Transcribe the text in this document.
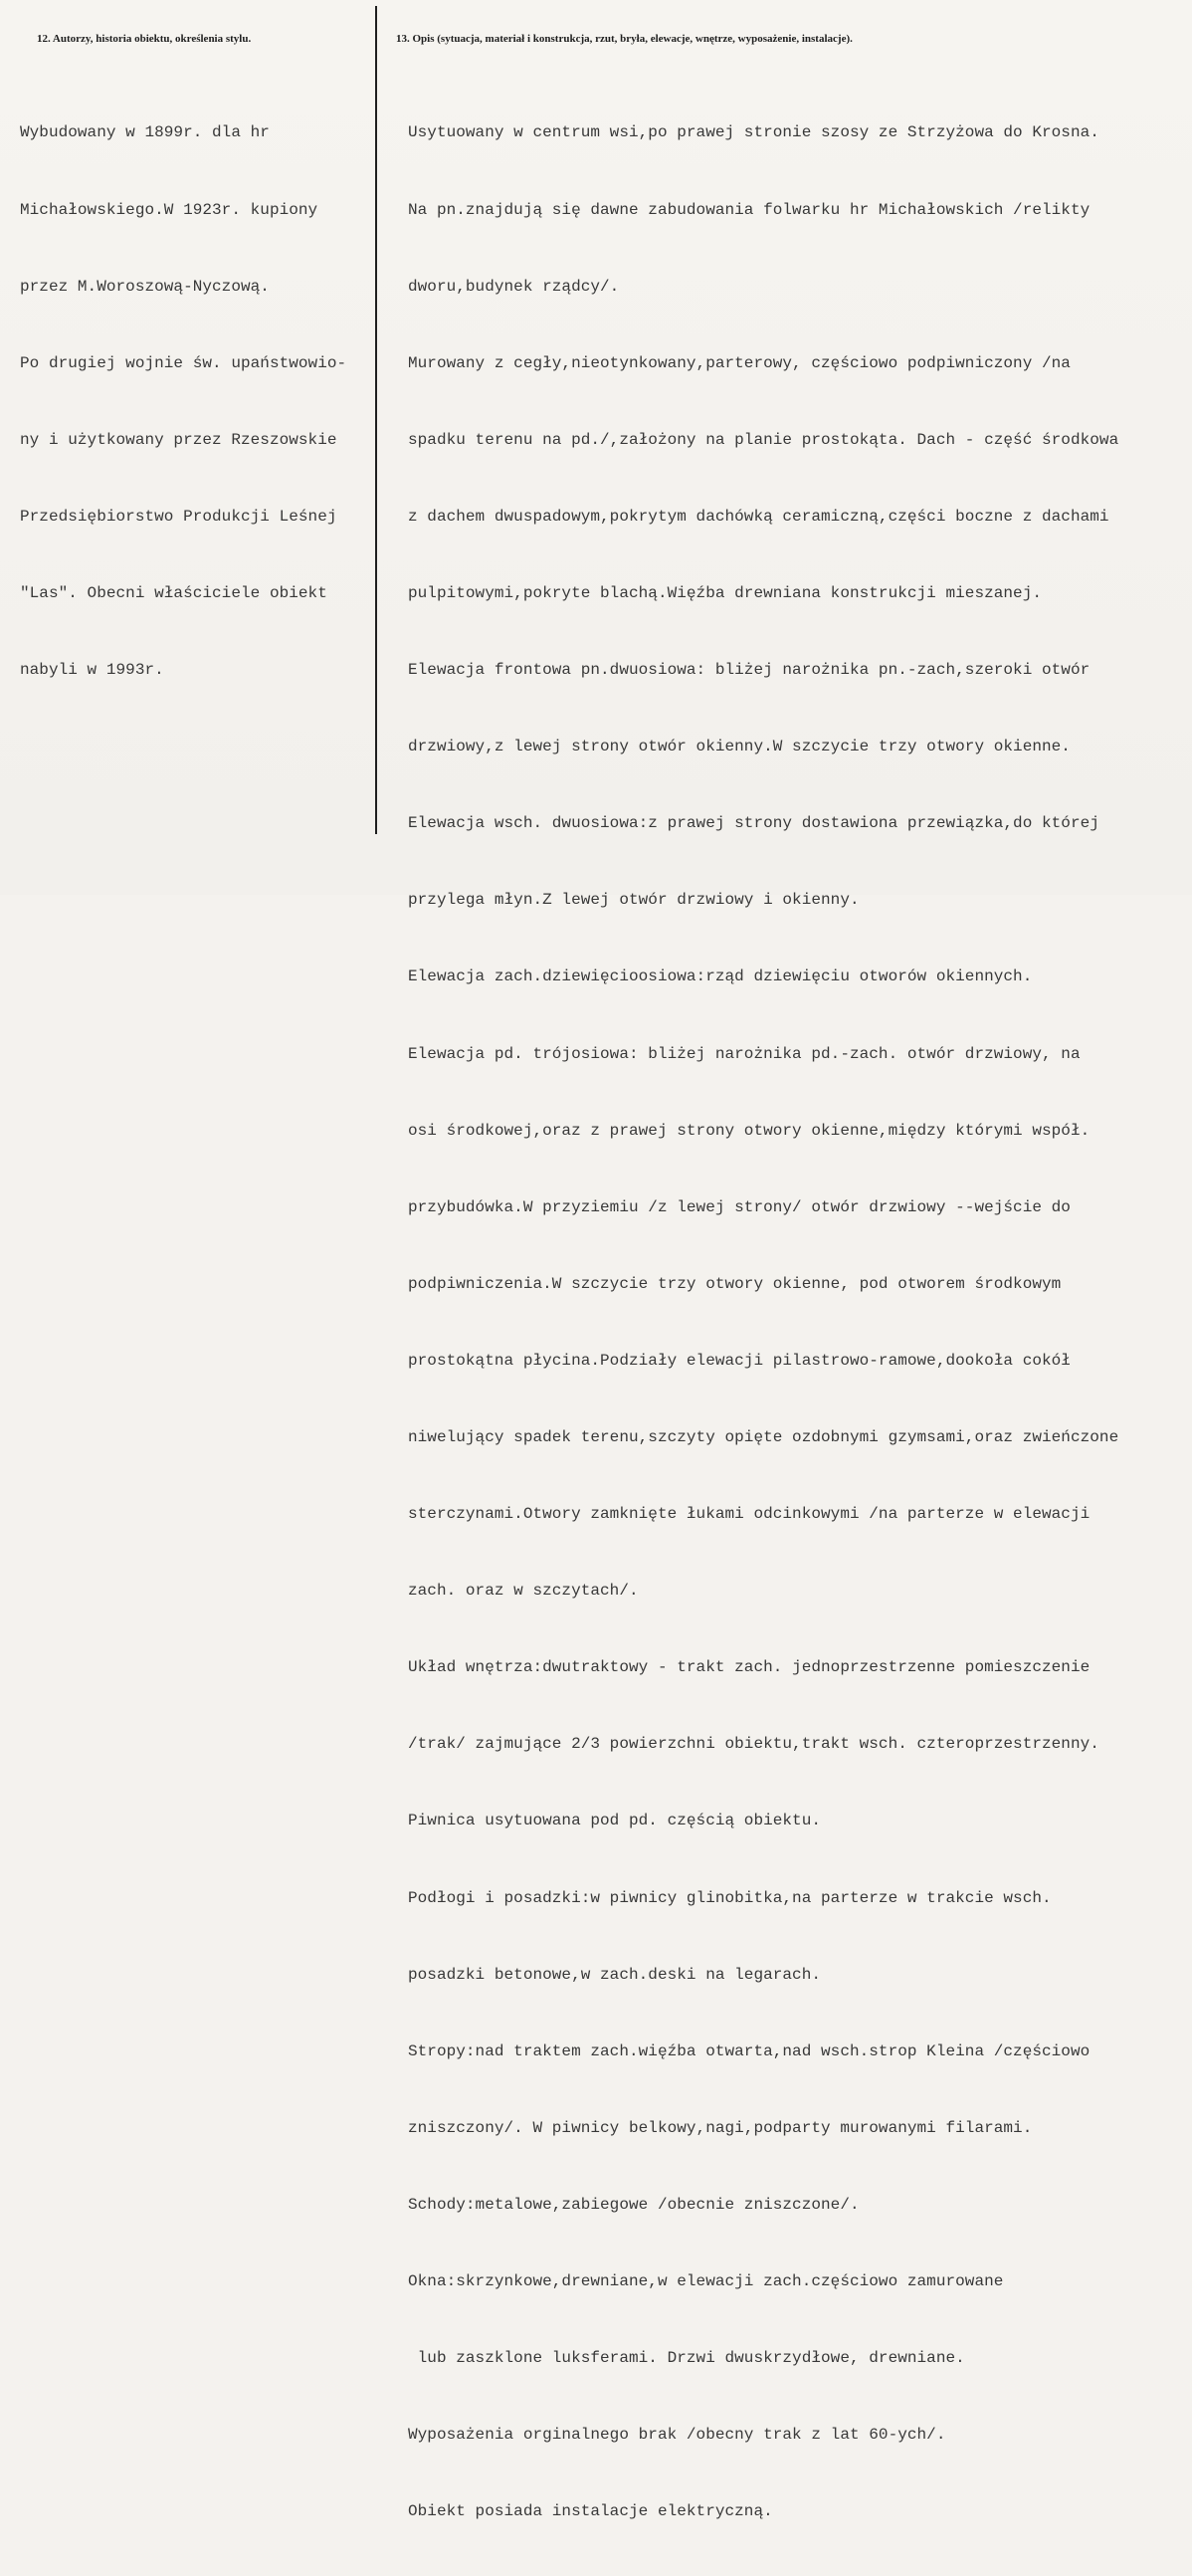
12. Autorzy, historia obiektu, określenia stylu.	13. Opis (sytuacja, materiał i konstrukcja, rzut, bryła, elewacje, wnętrze, wyposażenie, instalacje).

Wybudowany w 1899r. dla hr

Michałowskiego.W 1923r. kupiony

przez M.Woroszową-Nyczową.

Po drugiej wojnie św. upaństwowio-

ny i użytkowany przez Rzeszowskie

Przedsiębiorstwo Produkcji Leśnej

"Las". Obecni właściciele obiekt

nabyli w 1993r.

Usytuowany w centrum wsi,po prawej stronie szosy ze Strzyżowa do Krosna.

Na pn.znajdują się dawne zabudowania folwarku hr Michałowskich /relikty

dworu,budynek rządcy/.

Murowany z cegły,nieotynkowany,parterowy, częściowo podpiwniczony /na

spadku terenu na pd./,założony na planie prostokąta. Dach - część środkowa

z dachem dwuspadowym,pokrytym dachówką ceramiczną,części boczne z dachami

pulpitowymi,pokryte blachą.Więźba drewniana konstrukcji mieszanej.

Elewacja frontowa pn.dwuosiowa: bliżej narożnika pn.-zach,szeroki otwór

drzwiowy,z lewej strony otwór okienny.W szczycie trzy otwory okienne.

Elewacja wsch. dwuosiowa:z prawej strony dostawiona przewiązka,do której

przylega młyn.Z lewej otwór drzwiowy i okienny.

Elewacja zach.dziewięcioosiowa:rząd dziewięciu otworów okiennych.

Elewacja pd. trójosiowa: bliżej narożnika pd.-zach. otwór drzwiowy, na

osi środkowej,oraz z prawej strony otwory okienne,między którymi współ.

przybudówka.W przyziemiu /z lewej strony/ otwór drzwiowy --wejście do

podpiwniczenia.W szczycie trzy otwory okienne, pod otworem środkowym

prostokątna płycina.Podziały elewacji pilastrowo-ramowe,dookoła cokół

niwelujący spadek terenu,szczyty opięte ozdobnymi gzymsami,oraz zwieńczone

sterczynami.Otwory zamknięte łukami odcinkowymi /na parterze w elewacji

zach. oraz w szczytach/.

Układ wnętrza:dwutraktowy - trakt zach. jednoprzestrzenne pomieszczenie

/trak/ zajmujące 2/3 powierzchni obiektu,trakt wsch. czteroprzestrzenny.

Piwnica usytuowana pod pd. częścią obiektu.

Podłogi i posadzki:w piwnicy glinobitka,na parterze w trakcie wsch.

posadzki betonowe,w zach.deski na legarach.

Stropy:nad traktem zach.więźba otwarta,nad wsch.strop Kleina /częściowo

zniszczony/. W piwnicy belkowy,nagi,podparty murowanymi filarami.

Schody:metalowe,zabiegowe /obecnie zniszczone/.

Okna:skrzynkowe,drewniane,w elewacji zach.częściowo zamurowane

lub zaszklone luksferami. Drzwi dwuskrzydłowe, drewniane.

Wyposażenia orginalnego brak /obecny trak z lat 60-ych/.

Obiekt posiada instalacje elektryczną.
